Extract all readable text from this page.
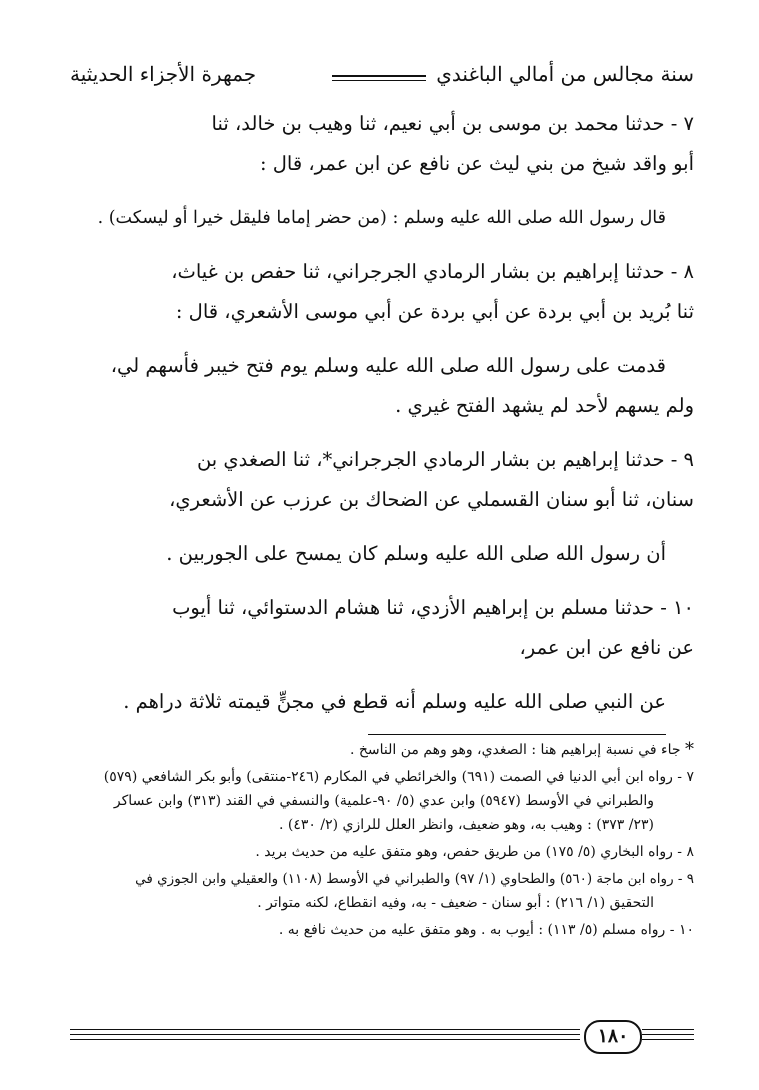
جمهرة الأجزاء الحديثية	سنة مجالس من أمالي الباغندي

٧ - حدثنا محمد بن موسى بن أبي نعيم، ثنا وهيب بن خالد، ثنا

أبو واقد شيخ من بني ليث عن نافع عن ابن عمر، قال :

قال رسول الله صلى الله عليه وسلم : (من حضر إماما فليقل خيرا أو ليسكت) .

٨ - حدثنا إبراهيم بن بشار الرمادي الجرجراني، ثنا حفص بن غياث،

ثنا بُريد بن أبي بردة عن أبي بردة عن أبي موسى الأشعري، قال :

قدمت على رسول الله صلى الله عليه وسلم يوم فتح خيبر فأسهم لي،

ولم يسهم لأحد لم يشهد الفتح غيري .

٩ - حدثنا إبراهيم بن بشار الرمادي الجرجراني*، ثنا الصغدي بن

سنان، ثنا أبو سنان القسملي عن الضحاك بن عرزب عن الأشعري،

أن رسول الله صلى الله عليه وسلم كان يمسح على الجوربين .

١٠ - حدثنا مسلم بن إبراهيم الأزدي، ثنا هشام الدستوائي، ثنا أيوب

عن نافع عن ابن عمر،

عن النبي صلى الله عليه وسلم أنه قطع في مجنٍّ قيمته ثلاثة دراهم .

* جاء في نسبة إبراهيم هنا : الصغدي، وهو وهم من الناسخ .

٧ - رواه ابن أبي الدنيا في الصمت (٦٩١) والخرائطي في المكارم (٢٤٦-منتقى) وأبو بكر الشافعي (٥٧٩)

والطبراني في الأوسط (٥٩٤٧) وابن عدي (٥/ ٩٠-علمية) والنسفي في القند (٣١٣) وابن عساكر

(٢٣/ ٣٧٣) : وهيب به، وهو ضعيف، وانظر العلل للرازي (٢/ ٤٣٠) .

٨ - رواه البخاري (٥/ ١٧٥) من طريق حفص، وهو متفق عليه من حديث بريد .

٩ - رواه ابن ماجة (٥٦٠) والطحاوي (١/ ٩٧) والطبراني في الأوسط (١١٠٨) والعقيلي وابن الجوزي في

التحقيق (١/ ٢١٦) : أبو سنان - ضعيف - به، وفيه انقطاع، لكنه متواتر .

١٠ - رواه مسلم (٥/ ١١٣) : أيوب به . وهو متفق عليه من حديث نافع به .

١٨٠
